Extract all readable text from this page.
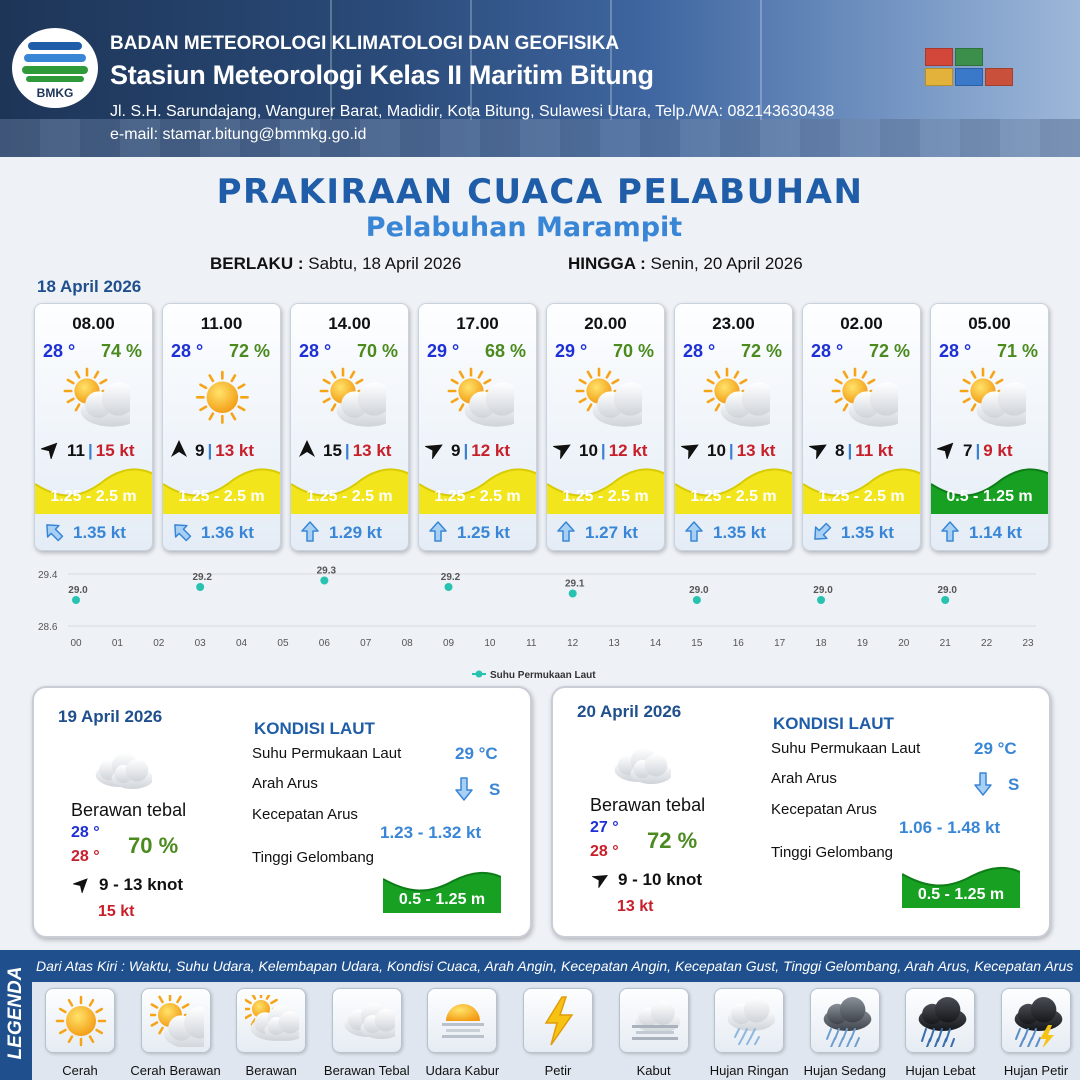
BMKG
BADAN METEOROLOGI KLIMATOLOGI DAN GEOFISIKA
Stasiun Meteorologi Kelas II Maritim Bitung
Jl. S.H. Sarundajang, Wangurer Barat, Madidir, Kota Bitung, Sulawesi Utara, Telp./WA: 082143630438
e-mail: stamar.bitung@bmmkg.go.id
PRAKIRAAN CUACA PELABUHAN
Pelabuhan Marampit
BERLAKU : Sabtu, 18 April 2026	HINGGA : Senin, 20 April 2026
18 April 2026
08.00
28 ° 74 %
11 | 15 kt
1.25 - 2.5 m
1.35 kt
11.00
28 ° 72 %
9 | 13 kt
1.25 - 2.5 m
1.36 kt
14.00
28 ° 70 %
15 | 13 kt
1.25 - 2.5 m
1.29 kt
17.00
29 ° 68 %
9 | 12 kt
1.25 - 2.5 m
1.25 kt
20.00
29 ° 70 %
10 | 12 kt
1.25 - 2.5 m
1.27 kt
23.00
28 ° 72 %
10 | 13 kt
1.25 - 2.5 m
1.35 kt
02.00
28 ° 72 %
8 | 11 kt
1.25 - 2.5 m
1.35 kt
05.00
28 ° 71 %
7 | 9 kt
0.5 - 1.25 m
1.14 kt
29.4
28.6
00	01	02	03	04	05	06	07	08	09	10	11	12	13	14	15	16	17	18	19	20	21	22	23
29.0
29.2
29.3
29.2
29.1
29.0	29.0	29.0
Suhu Permukaan Laut
19 April 2026
Berawan tebal
28 °
28 ° 70 %
9 - 13 knot
15 kt
KONDISI LAUT
Suhu Permukaan Laut	29 °C
Arah Arus	S
Kecepatan Arus
1.23 - 1.32 kt
Tinggi Gelombang
0.5 - 1.25 m
20 April 2026
Berawan tebal
27 °
28 ° 72 %
9 - 10 knot
13 kt
KONDISI LAUT
Suhu Permukaan Laut	29 °C
Arah Arus	S
Kecepatan Arus
1.06 - 1.48 kt
Tinggi Gelombang
0.5 - 1.25 m
LEGENDA
Dari Atas Kiri : Waktu, Suhu Udara, Kelembapan Udara, Kondisi Cuaca, Arah Angin, Kecepatan Angin, Kecepatan Gust, Tinggi Gelombang, Arah Arus, Kecepatan Arus
Cerah	Cerah Berawan	Berawan	Berawan Tebal	Udara Kabur	Petir	Kabut	Hujan Ringan	Hujan Sedang	Hujan Lebat	Hujan Petir
